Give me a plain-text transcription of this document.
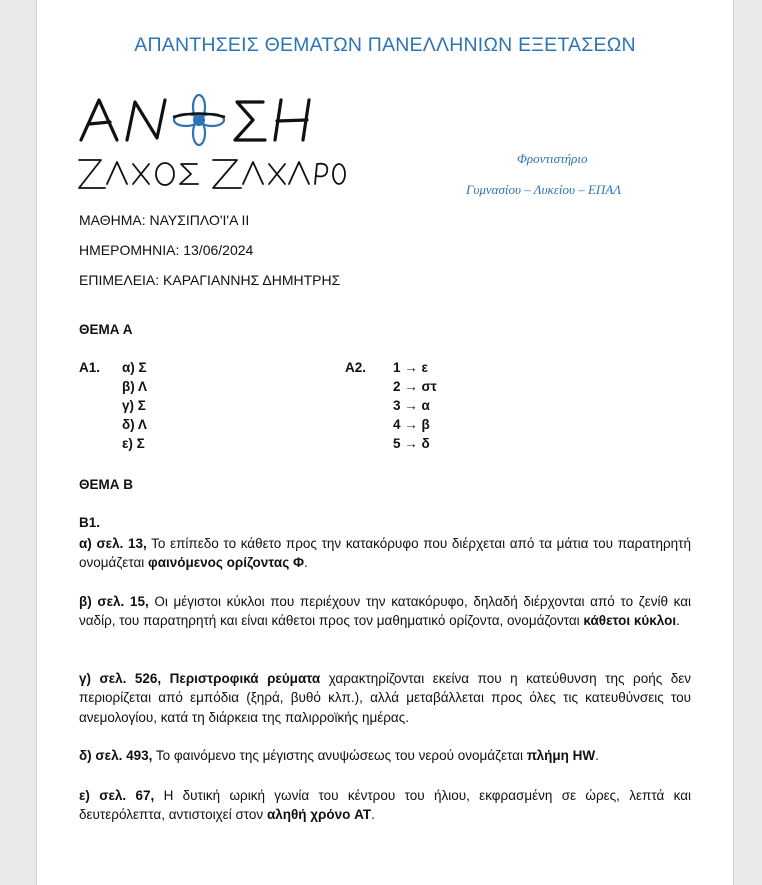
ΑΠΑΝΤΗΣΕΙΣ ΘΕΜΑΤΩΝ ΠΑΝΕΛΛΗΝΙΩΝ ΕΞΕΤΑΣΕΩΝ
Φροντιστήριο
Γυμνασίου – Λυκείου – ΕΠΑΛ
ΜΑΘΗΜΑ: ΝΑΥΣΙΠΛΟ'Ι'Α ΙΙ
ΗΜΕΡΟΜΗΝΙΑ: 13/06/2024
ΕΠΙΜΕΛΕΙΑ: ΚΑΡΑΓΙΑΝΝΗΣ ΔΗΜΗΤΡΗΣ
ΘΕΜΑ Α
Α1. α) Σ
β) Λ
γ) Σ
δ) Λ
ε) Σ
Α2. 1 → ε
2 → στ
3 → α
4 → β
5 → δ
ΘΕΜΑ Β
Β1.
α) σελ. 13, Το επίπεδο το κάθετο προς την κατακόρυφο που διέρχεται από τα μάτια του παρατηρητή ονομάζεται φαινόμενος ορίζοντας Φ.
β) σελ. 15, Οι μέγιστοι κύκλοι που περιέχουν την κατακόρυφο, δηλαδή διέρχονται από το ζενίθ και ναδίρ, του παρατηρητή και είναι κάθετοι προς τον μαθηματικό ορίζοντα, ονομάζονται κάθετοι κύκλοι.
γ) σελ. 526, Περιστροφικά ρεύματα χαρακτηρίζονται εκείνα που η κατεύθυνση της ροής δεν περιορίζεται από εμπόδια (ξηρά, βυθό κλπ.), αλλά μεταβάλλεται προς όλες τις κατευθύνσεις του ανεμολογίου, κατά τη διάρκεια της παλιρροϊκής ημέρας.
δ) σελ. 493, Το φαινόμενο της μέγιστης ανυψώσεως του νερού ονομάζεται πλήμη HW.
ε) σελ. 67, Η δυτική ωρική γωνία του κέντρου του ήλιου, εκφρασμένη σε ώρες, λεπτά και δευτερόλεπτα, αντιστοιχεί στον αληθή χρόνο AT.
